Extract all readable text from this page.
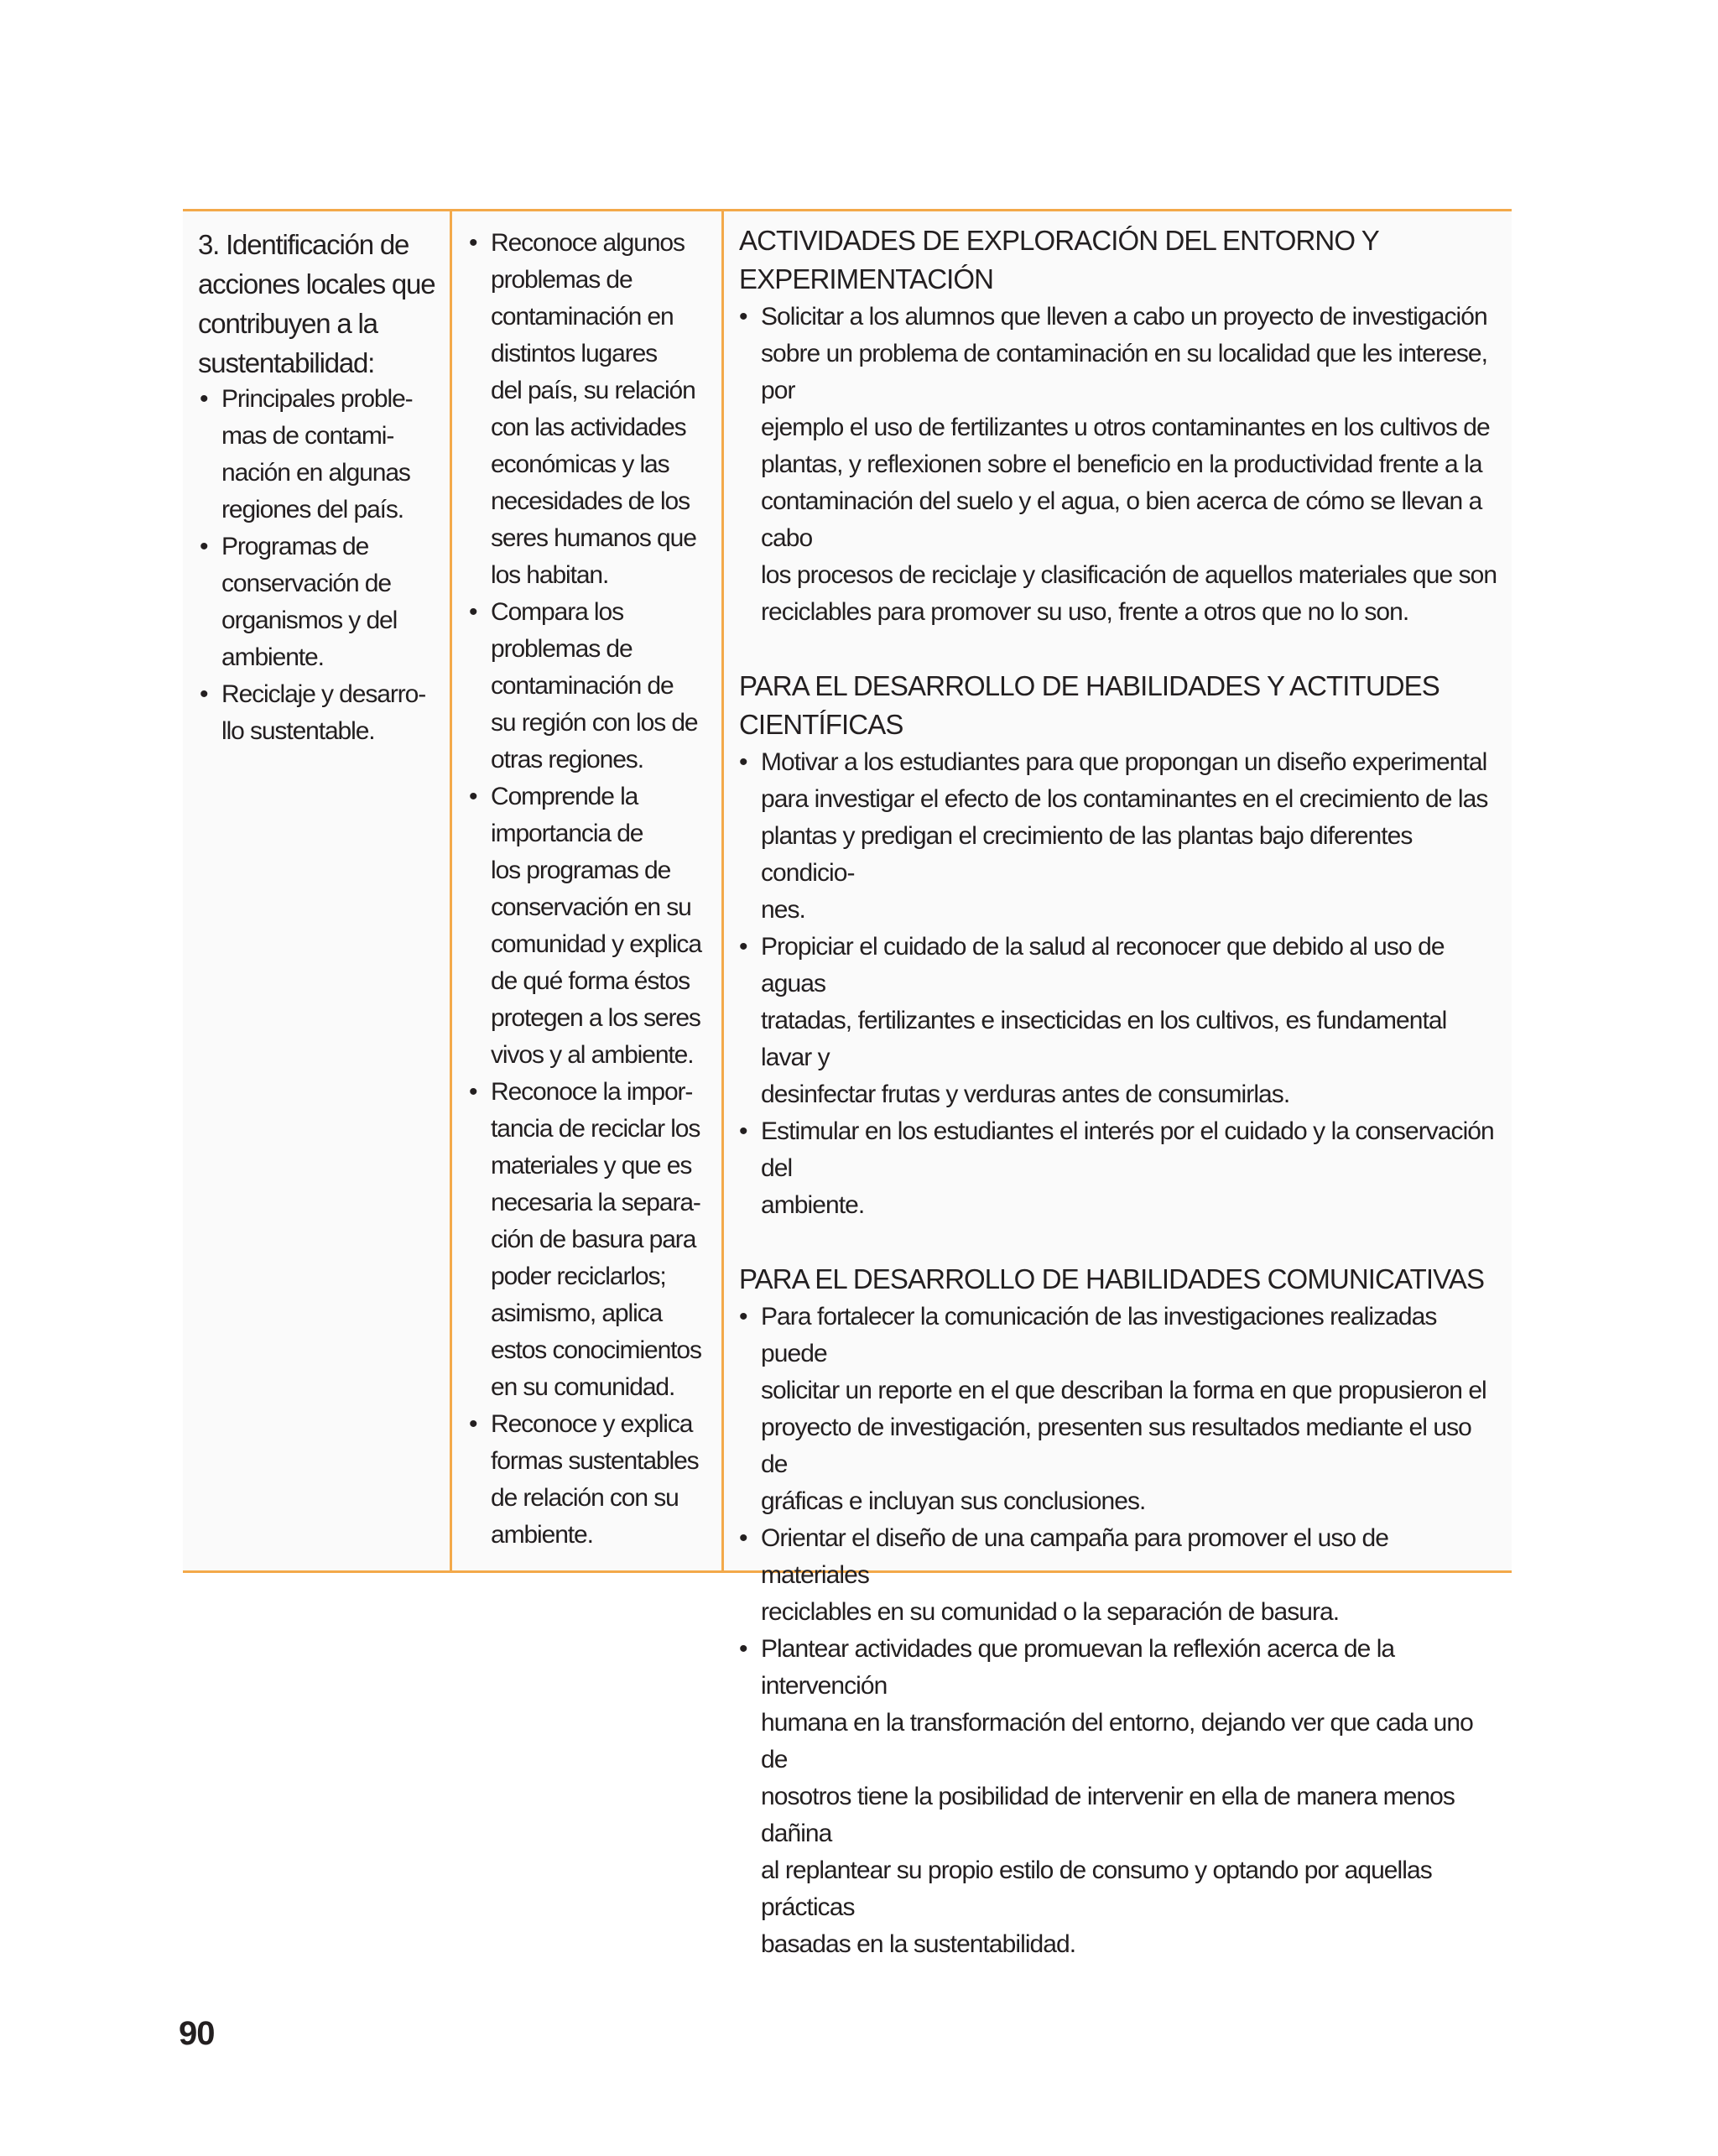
3. Identificación de
acciones locales que
contribuyen a la
sustentabilidad:

• Principales proble-
mas de contami-
nación en algunas
regiones del país.
• Programas de
conservación de
organismos y del
ambiente.
• Reciclaje y desarro-
llo sustentable.
• Reconoce algunos
problemas de
contaminación en
distintos lugares
del país, su relación
con las actividades
económicas y las
necesidades de los
seres humanos que
los habitan.
• Compara los
problemas de
contaminación de
su región con los de
otras regiones.
• Comprende la
importancia de
los programas de
conservación en su
comunidad y explica
de qué forma éstos
protegen a los seres
vivos y al ambiente.
• Reconoce la impor-
tancia de reciclar los
materiales y que es
necesaria la separa-
ción de basura para
poder reciclarlos;
asimismo, aplica
estos conocimientos
en su comunidad.
• Reconoce y explica
formas sustentables
de relación con su
ambiente.
ACTIVIDADES DE EXPLORACIÓN DEL ENTORNO Y EXPERIMENTACIÓN
• Solicitar a los alumnos que lleven a cabo un proyecto de investigación
sobre un problema de contaminación en su localidad que les interese, por
ejemplo el uso de fertilizantes u otros contaminantes en los cultivos de
plantas, y reflexionen sobre el beneficio en la productividad frente a la
contaminación del suelo y el agua, o bien acerca de cómo se llevan a cabo
los procesos de reciclaje y clasificación de aquellos materiales que son
reciclables para promover su uso, frente a otros que no lo son.
PARA EL DESARROLLO DE HABILIDADES Y ACTITUDES CIENTÍFICAS
• Motivar a los estudiantes para que propongan un diseño experimental
para investigar el efecto de los contaminantes en el crecimiento de las
plantas y predigan el crecimiento de las plantas bajo diferentes condicio-
nes.
• Propiciar el cuidado de la salud al reconocer que debido al uso de aguas
tratadas, fertilizantes e insecticidas en los cultivos, es fundamental lavar y
desinfectar frutas y verduras antes de consumirlas.
• Estimular en los estudiantes el interés por el cuidado y la conservación del
ambiente.
PARA EL DESARROLLO DE HABILIDADES COMUNICATIVAS
• Para fortalecer la comunicación de las investigaciones realizadas puede
solicitar un reporte en el que describan la forma en que propusieron el
proyecto de investigación, presenten sus resultados mediante el uso de
gráficas e incluyan sus conclusiones.
• Orientar el diseño de una campaña para promover el uso de materiales
reciclables en su comunidad o la separación de basura.
• Plantear actividades que promuevan la reflexión acerca de la intervención
humana en la transformación del entorno, dejando ver que cada uno de
nosotros tiene la posibilidad de intervenir en ella de manera menos dañina
al replantear su propio estilo de consumo y optando por aquellas prácticas
basadas en la sustentabilidad.
90
